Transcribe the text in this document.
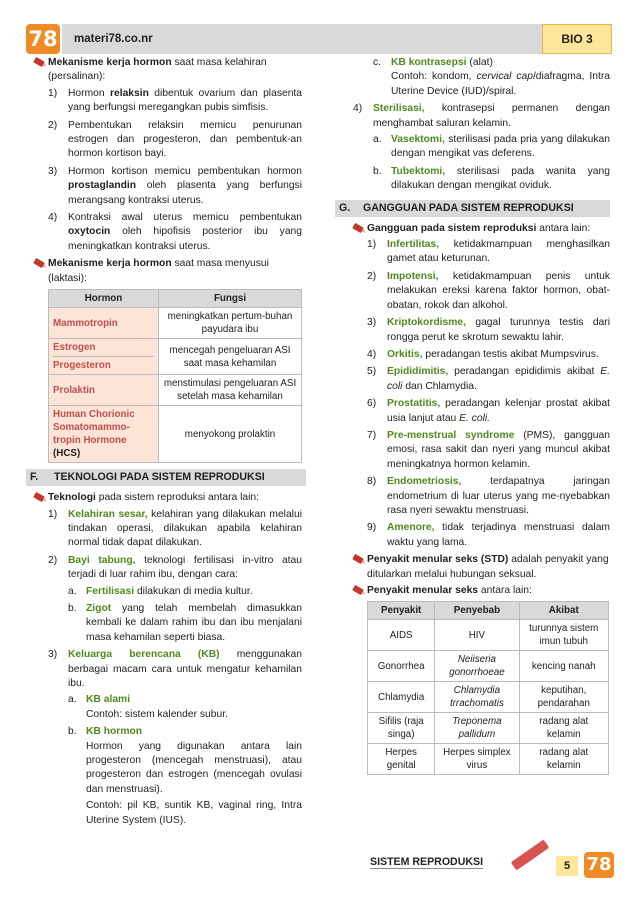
78	materi78.co.nr	BIO 3
Mekanisme kerja hormon saat masa kelahiran (persalinan):
1) Hormon relaksin dibentuk ovarium dan plasenta yang berfungsi meregangkan pubis simfisis.
2) Pembentukan relaksin memicu penurunan estrogen dan progesteron, dan pembentuk-an hormon kortison bayi.
3) Hormon kortison memicu pembentukan hormon prostaglandin oleh plasenta yang berfungsi merangsang kontraksi uterus.
4) Kontraksi awal uterus memicu pembentukan oxytocin oleh hipofisis posterior ibu yang meningkatkan kontraksi uterus.
Mekanisme kerja hormon saat masa menyusui (laktasi):
Hormon	Fungsi
Mammotropin	meningkatkan pertum-buhan payudara ibu

Estrogen
Progesteron	mencegah pengeluaran ASI saat masa kehamilan
Prolaktin	menstimulasi pengeluaran ASI setelah masa kehamilan

Human Chorionic Somatomammo-tropin Hormone
(HCS)	menyokong prolaktin
F.	TEKNOLOGI PADA SISTEM REPRODUKSI
Teknologi pada sistem reproduksi antara lain:
1) Kelahiran sesar, kelahiran yang dilakukan melalui tindakan operasi, dilakukan apabila kelahiran normal tidak dapat dilakukan.
2) Bayi tabung, teknologi fertilisasi in-vitro atau terjadi di luar rahim ibu, dengan cara:
a. Fertilisasi dilakukan di media kultur.
b. Zigot yang telah membelah dimasukkan kembali ke dalam rahim ibu dan ibu menjalani masa kehamilan seperti biasa.
3) Keluarga berencana (KB) menggunakan berbagai macam cara untuk mengatur kehamilan ibu.
a. KB alami
Contoh: sistem kalender subur.
b. KB hormon
Hormon yang digunakan antara lain progesteron (mencegah menstruasi), atau progesteron dan estrogen (mencegah ovulasi dan menstruasi).
Contoh: pil KB, suntik KB, vaginal ring, Intra Uterine System (IUS).
c. KB kontrasepsi (alat)
Contoh: kondom, cervical cap/diafragma, Intra Uterine Device (IUD)/spiral.
4) Sterilisasi, kontrasepsi permanen dengan menghambat saluran kelamin.
a. Vasektomi, sterilisasi pada pria yang dilakukan dengan mengikat vas deferens.
b. Tubektomi, sterilisasi pada wanita yang dilakukan dengan mengikat oviduk.
G.	GANGGUAN PADA SISTEM REPRODUKSI
Gangguan pada sistem reproduksi antara lain:
1) Infertilitas, ketidakmampuan menghasilkan gamet atau keturunan.
2) Impotensi, ketidakmampuan penis untuk melakukan ereksi karena faktor hormon, obat-obatan, rokok dan alkohol.
3) Kriptokordisme, gagal turunnya testis dari rongga perut ke skrotum sewaktu lahir.
4) Orkitis, peradangan testis akibat Mumpsvirus.
5) Epididimitis, peradangan epididimis akibat E. coli dan Chlamydia.
6) Prostatitis, peradangan kelenjar prostat akibat usia lanjut atau E. coli.
7) Pre-menstrual syndrome (PMS), gangguan emosi, rasa sakit dan nyeri yang muncul akibat meningkatnya hormon kelamin.
8) Endometriosis, terdapatnya jaringan endometrium di luar uterus yang me-nyebabkan rasa nyeri sewaktu menstruasi.
9) Amenore, tidak terjadinya menstruasi dalam waktu yang lama.
Penyakit menular seks (STD) adalah penyakit yang ditularkan melalui hubungan seksual.
Penyakit menular seks antara lain:
Penyakit	Penyebab	Akibat
AIDS	HIV	turunnya sistem imun tubuh
Gonorrhea	Neiiseria gonorrhoeae	kencing nanah
Chlamydia	Chlamydia trrachomatis	keputihan, pendarahan
Sifilis (raja singa)	Treponema pallidum	radang alat kelamin
Herpes genital	Herpes simplex virus	radang alat kelamin
SISTEM REPRODUKSI	5 78
